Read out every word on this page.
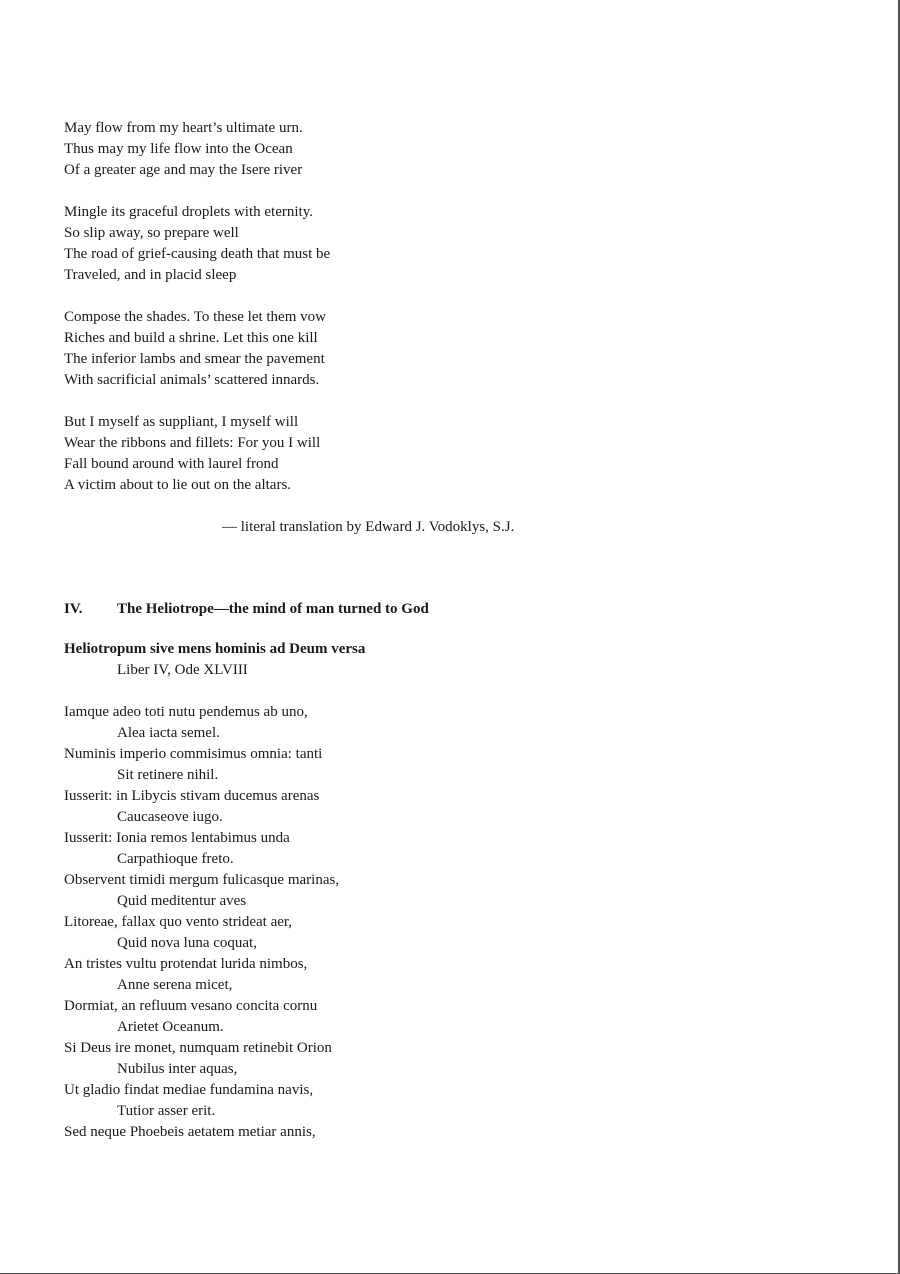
May flow from my heart’s ultimate urn.
Thus may my life flow into the Ocean
Of a greater age and may the Isere river
Mingle its graceful droplets with eternity.
So slip away, so prepare well
The road of grief-causing death that must be
Traveled, and in placid sleep
Compose the shades. To these let them vow
Riches and build a shrine. Let this one kill
The inferior lambs and smear the pavement
With sacrificial animals’ scattered innards.
But I myself as suppliant, I myself will
Wear the ribbons and fillets: For you I will
Fall bound around with laurel frond
A victim about to lie out on the altars.
— literal translation by Edward J. Vodoklys, S.J.
IV.	The Heliotrope—the mind of man turned to God
Heliotropum sive mens hominis ad Deum versa
Liber IV, Ode XLVIII
Iamque adeo toti nutu pendemus ab uno,
Alea iacta semel.
Numinis imperio commisimus omnia: tanti
Sit retinere nihil.
Iusserit: in Libycis stivam ducemus arenas
Caucaseove iugo.
Iusserit: Ionia remos lentabimus unda
Carpathioque freto.
Observent timidi mergum fulicasque marinas,
Quid meditentur aves
Litoreae, fallax quo vento strideat aer,
Quid nova luna coquat,
An tristes vultu protendat lurida nimbos,
Anne serena micet,
Dormiat, an refluum vesano concita cornu
Arietet Oceanum.
Si Deus ire monet, numquam retinebit Orion
Nubilus inter aquas,
Ut gladio findat mediae fundamina navis,
Tutior asser erit.
Sed neque Phoebeis aetatem metiar annis,
